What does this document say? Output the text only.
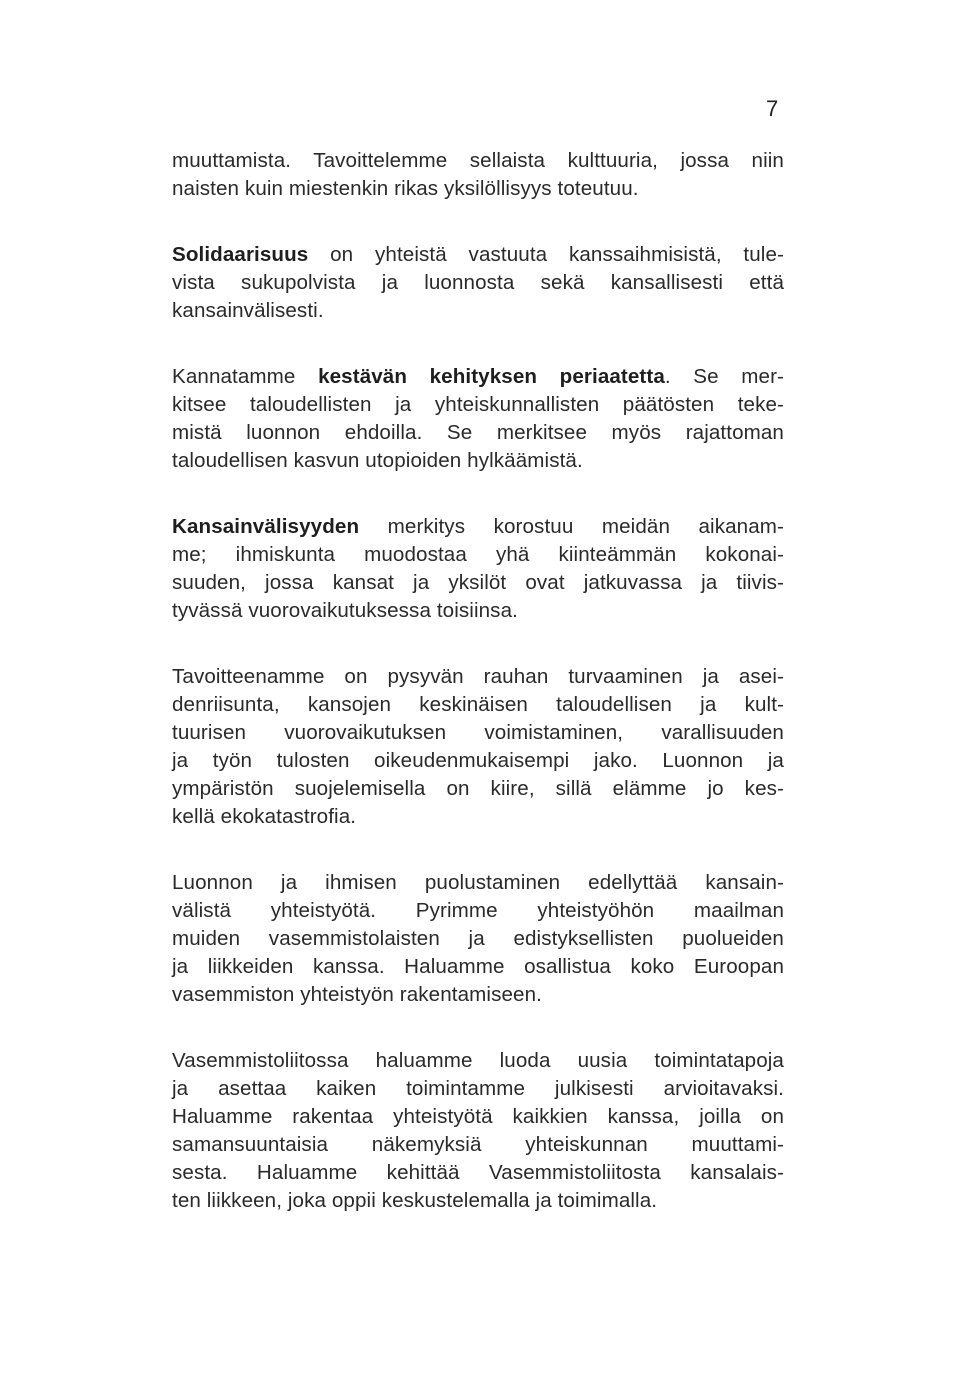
7

muuttamista. Tavoittelemme sellaista kulttuuria, jossa niin
naisten kuin miestenkin rikas yksilöllisyys toteutuu.

Solidaarisuus on yhteistä vastuuta kanssaihmisistä, tule-
vista sukupolvista ja luonnosta sekä kansallisesti että
kansainvälisesti.

Kannatamme kestävän kehityksen periaatetta. Se mer-
kitsee taloudellisten ja yhteiskunnallisten päätösten teke-
mistä luonnon ehdoilla. Se merkitsee myös rajattoman
taloudellisen kasvun utopioiden hylkäämistä.

Kansainvälisyyden merkitys korostuu meidän aikanam-
me; ihmiskunta muodostaa yhä kiinteämmän kokonai-
suuden, jossa kansat ja yksilöt ovat jatkuvassa ja tiivis-
tyvässä vuorovaikutuksessa toisiinsa.

Tavoitteenamme on pysyvän rauhan turvaaminen ja asei-
denriisunta, kansojen keskinäisen taloudellisen ja kult-
tuurisen vuorovaikutuksen voimistaminen, varallisuuden
ja työn tulosten oikeudenmukaisempi jako. Luonnon ja
ympäristön suojelemisella on kiire, sillä elämme jo kes-
kellä ekokatastrofia.

Luonnon ja ihmisen puolustaminen edellyttää kansain-
välistä yhteistyötä. Pyrimme yhteistyöhön maailman
muiden vasemmistolaisten ja edistyksellisten puolueiden
ja liikkeiden kanssa. Haluamme osallistua koko Euroopan
vasemmiston yhteistyön rakentamiseen.

Vasemmistoliitossa haluamme luoda uusia toimintatapoja
ja asettaa kaiken toimintamme julkisesti arvioitavaksi.
Haluamme rakentaa yhteistyötä kaikkien kanssa, joilla on
samansuuntaisia näkemyksiä yhteiskunnan muuttami-
sesta. Haluamme kehittää Vasemmistoliitosta kansalais-
ten liikkeen, joka oppii keskustelemalla ja toimimalla.
